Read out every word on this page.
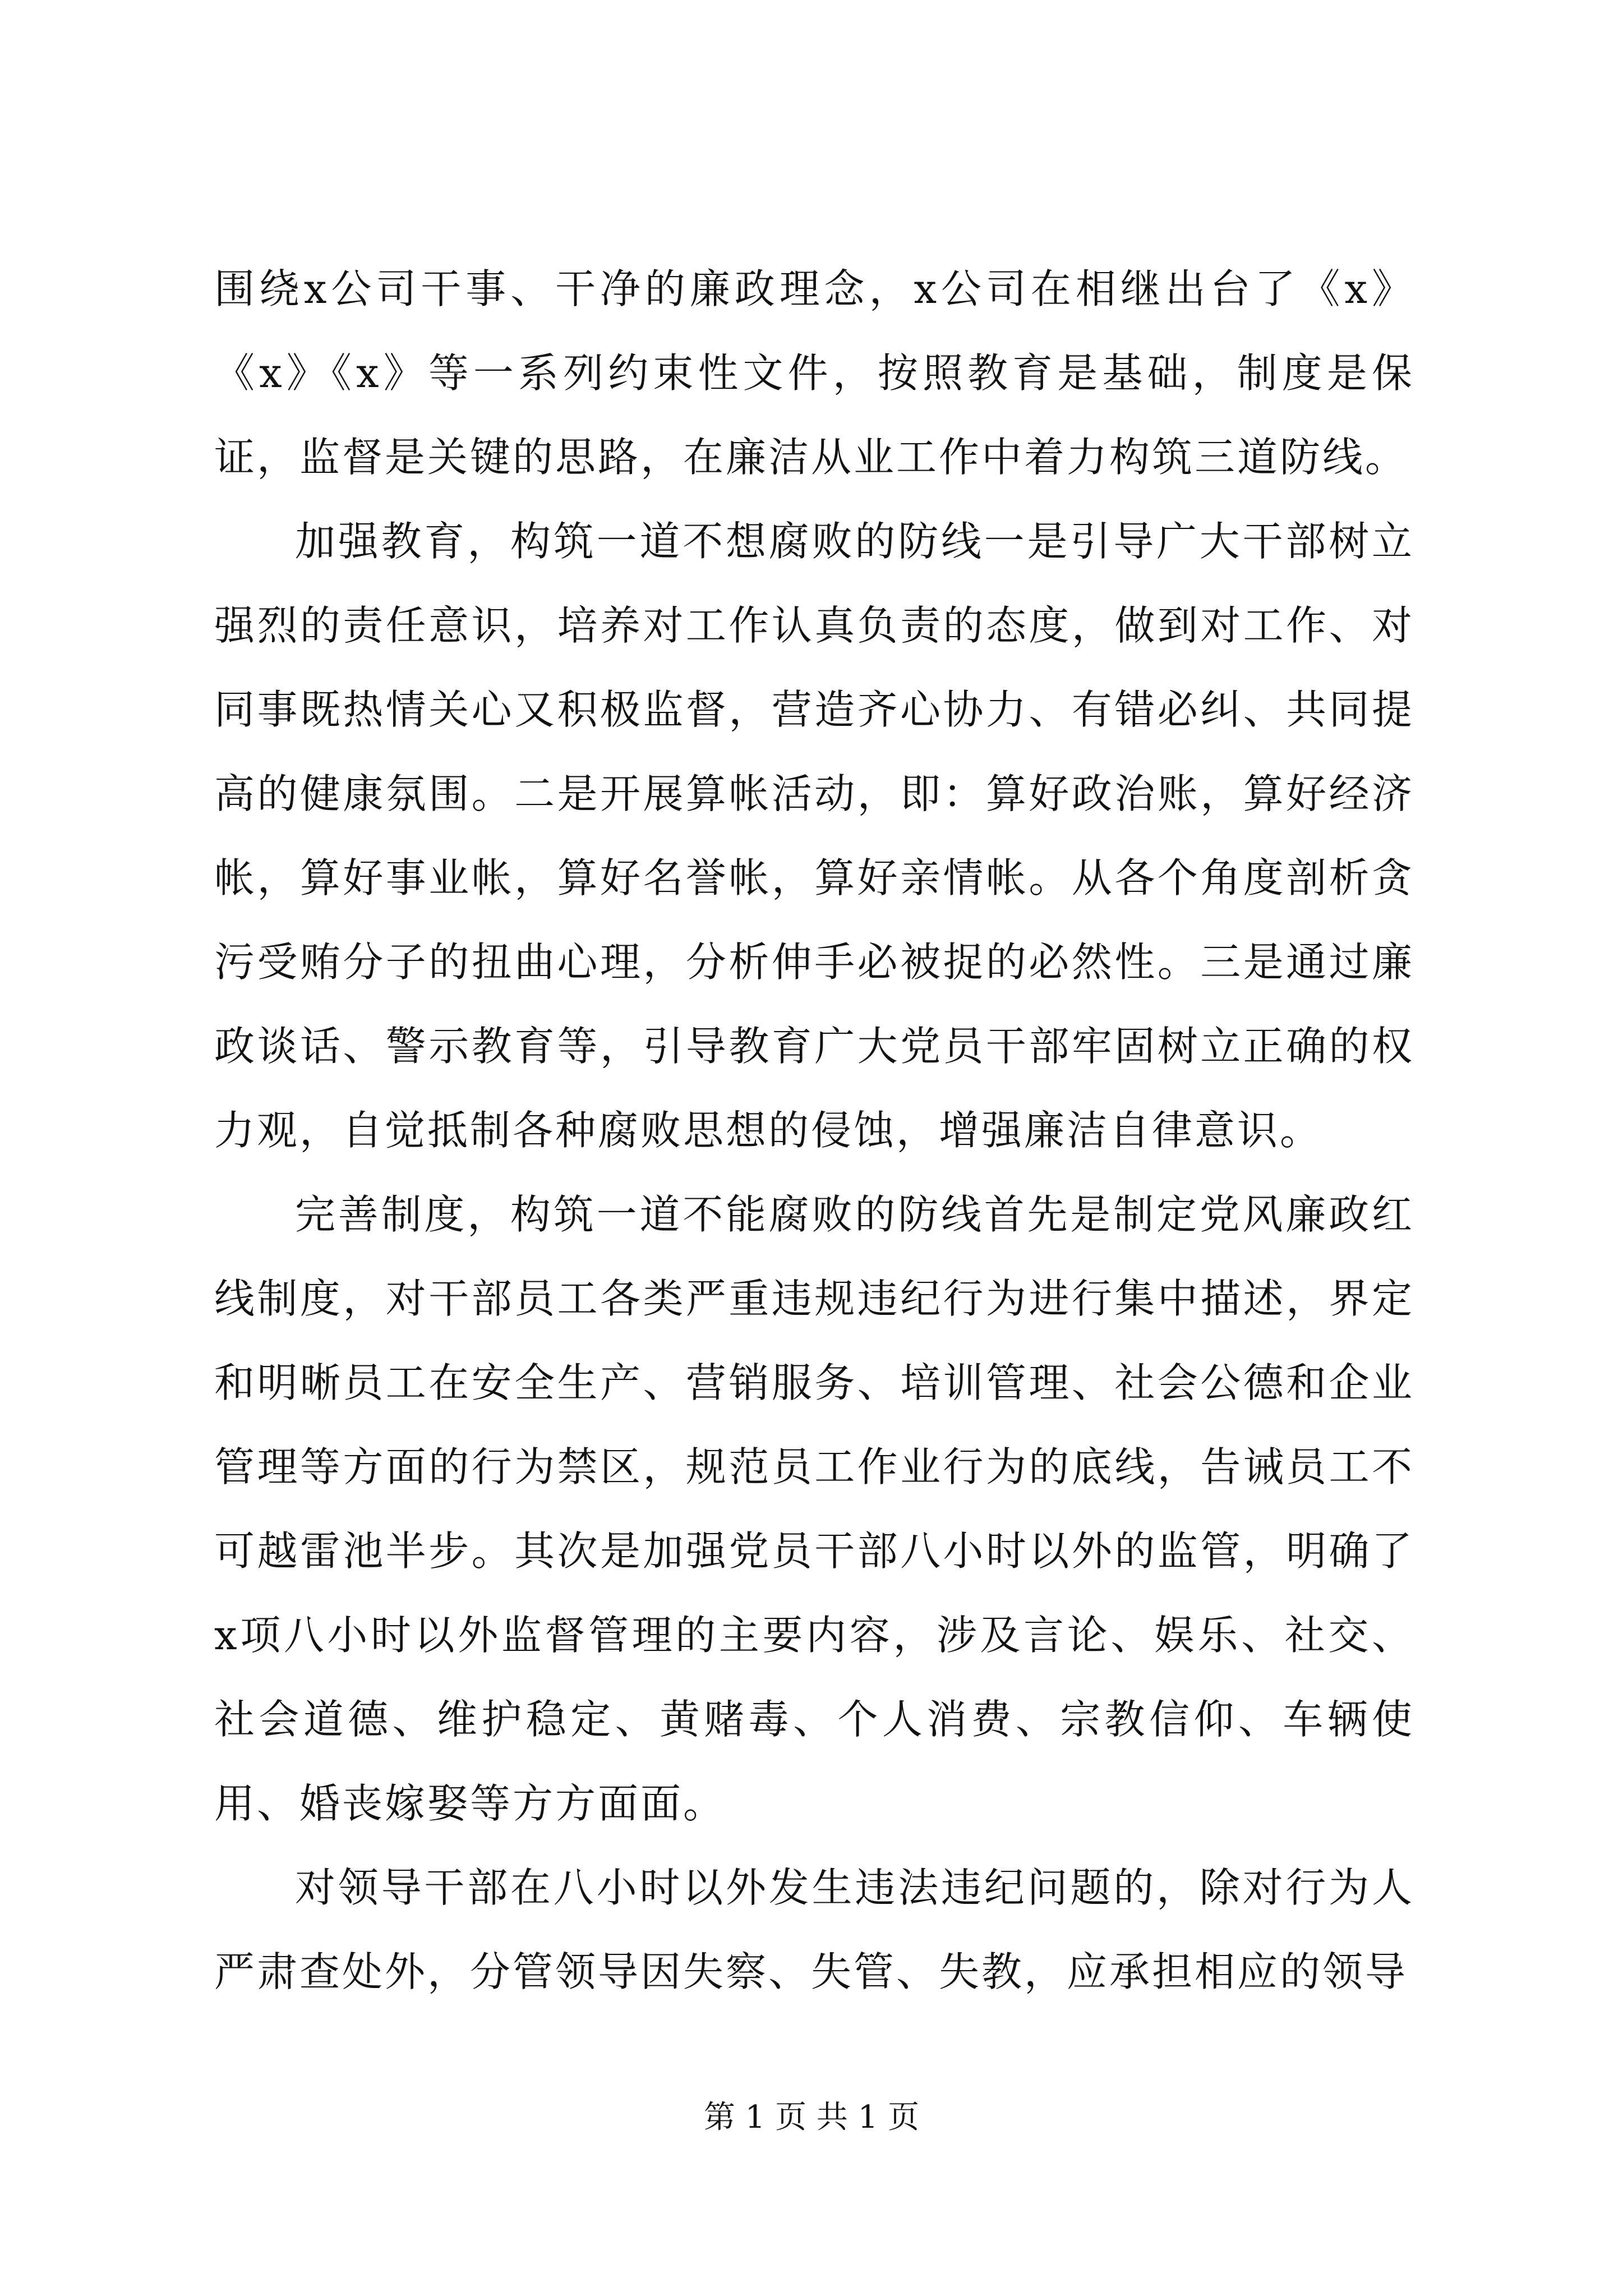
围绕x公司干事、干净的廉政理念，x公司在相继出台了《x》《x》《x》等一系列约束性文件，按照教育是基础，制度是保证，监督是关键的思路，在廉洁从业工作中着力构筑三道防线。

加强教育，构筑一道不想腐败的防线一是引导广大干部树立强烈的责任意识，培养对工作认真负责的态度，做到对工作、对同事既热情关心又积极监督，营造齐心协力、有错必纠、共同提高的健康氛围。二是开展算帐活动，即：算好政治账，算好经济帐，算好事业帐，算好名誉帐，算好亲情帐。从各个角度剖析贪污受贿分子的扭曲心理，分析伸手必被捉的必然性。三是通过廉政谈话、警示教育等，引导教育广大党员干部牢固树立正确的权力观，自觉抵制各种腐败思想的侵蚀，增强廉洁自律意识。

完善制度，构筑一道不能腐败的防线首先是制定党风廉政红线制度，对干部员工各类严重违规违纪行为进行集中描述，界定和明晰员工在安全生产、营销服务、培训管理、社会公德和企业管理等方面的行为禁区，规范员工作业行为的底线，告诫员工不可越雷池半步。其次是加强党员干部八小时以外的监管，明确了x项八小时以外监督管理的主要内容，涉及言论、娱乐、社交、社会道德、维护稳定、黄赌毒、个人消费、宗教信仰、车辆使用、婚丧嫁娶等方方面面。

对领导干部在八小时以外发生违法违纪问题的，除对行为人严肃查处外，分管领导因失察、失管、失教，应承担相应的领导

第 1 页 共 1 页
